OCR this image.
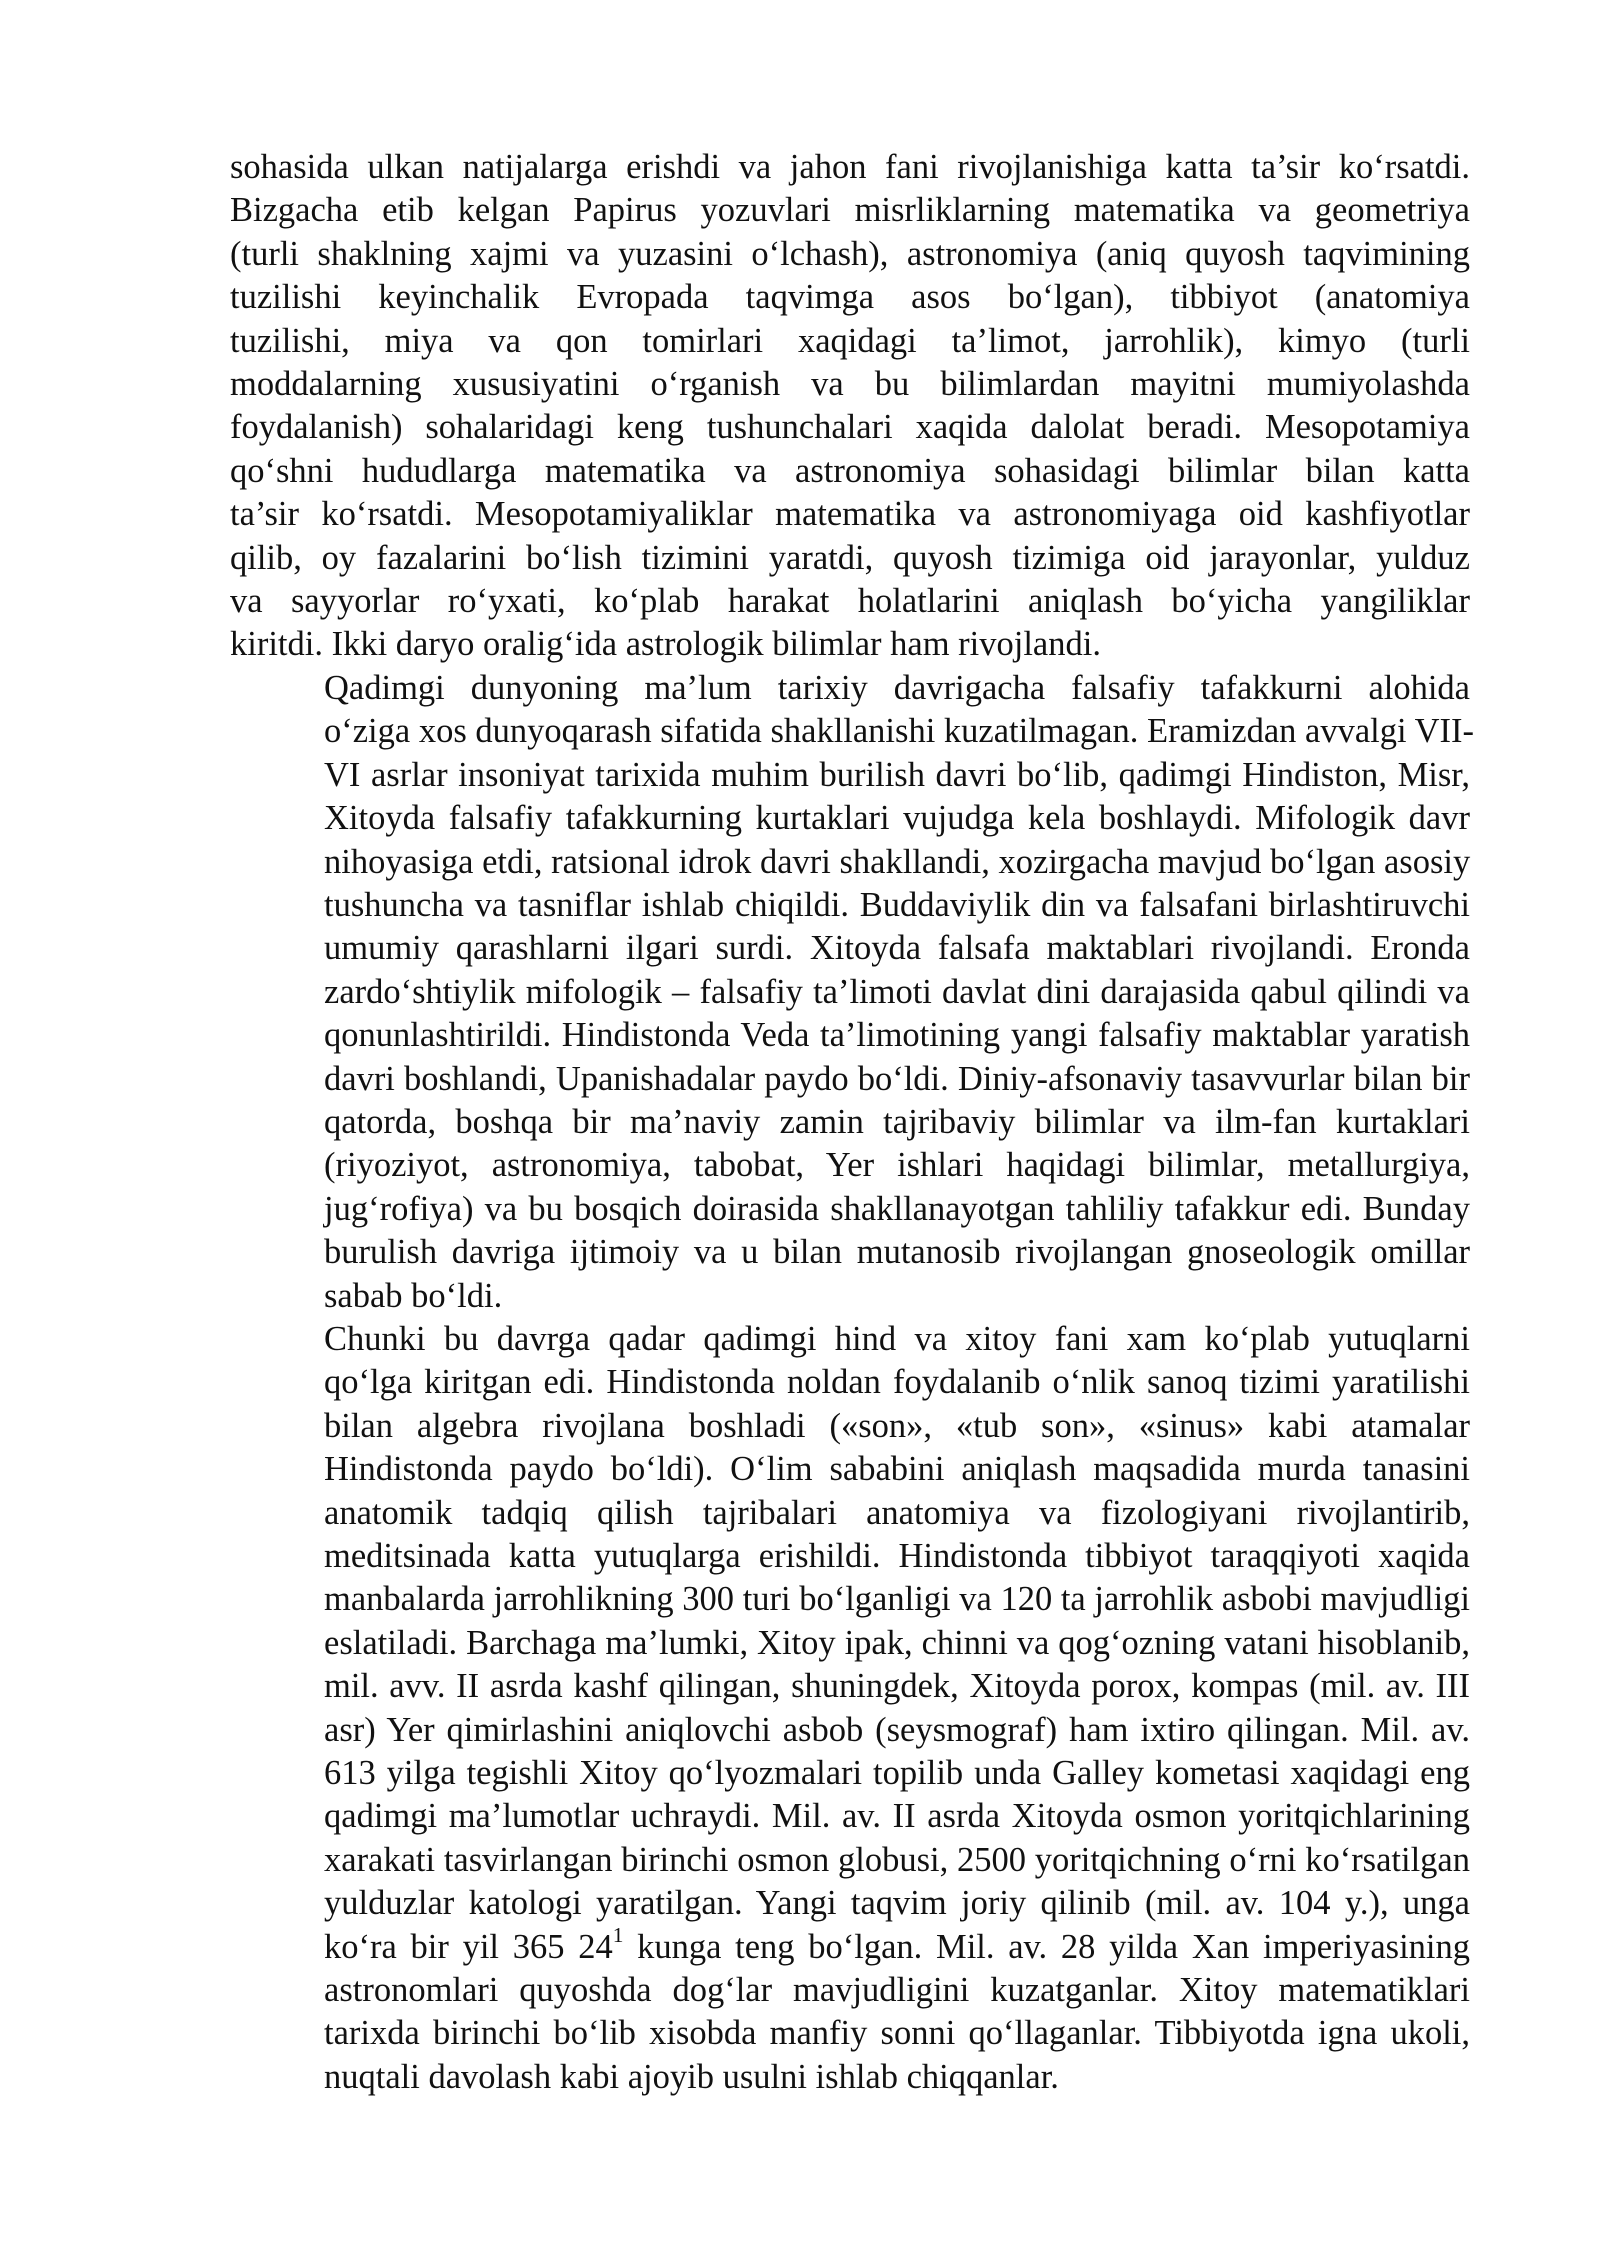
sohasida ulkan natijalarga erishdi va jahon fani rivojlanishiga katta ta’sir ko‘rsatdi.
Bizgacha etib kelgan Papirus yozuvlari misrliklarning matematika va geometriya
(turli shaklning xajmi va yuzasini o‘lchash), astronomiya (aniq quyosh taqvimining
tuzilishi keyinchalik Evropada taqvimga asos bo‘lgan), tibbiyot (anatomiya
tuzilishi, miya va qon tomirlari xaqidagi ta’limot, jarrohlik), kimyo (turli
moddalarning xususiyatini o‘rganish va bu bilimlardan mayitni mumiyolashda
foydalanish) sohalaridagi keng tushunchalari xaqida dalolat beradi. Mesopotamiya
qo‘shni hududlarga matematika va astronomiya sohasidagi bilimlar bilan katta
ta’sir ko‘rsatdi. Mesopotamiyaliklar matematika va astronomiyaga oid kashfiyotlar
qilib, oy fazalarini bo‘lish tizimini yaratdi, quyosh tizimiga oid jarayonlar, yulduz
va sayyorlar ro‘yxati, ko‘plab harakat holatlarini aniqlash bo‘yicha yangiliklar
kiritdi. Ikki daryo oralig‘ida astrologik bilimlar ham rivojlandi.
Qadimgi dunyoning ma’lum tarixiy davrigacha falsafiy tafakkurni alohida
o‘ziga xos dunyoqarash sifatida shakllanishi kuzatilmagan. Eramizdan avvalgi VII-
VI asrlar insoniyat tarixida muhim burilish davri bo‘lib, qadimgi Hindiston, Misr,
Xitoyda falsafiy tafakkurning kurtaklari vujudga kela boshlaydi. Mifologik davr
nihoyasiga etdi, ratsional idrok davri shakllandi, xozirgacha mavjud bo‘lgan asosiy
tushuncha va tasniflar ishlab chiqildi. Buddaviylik din va falsafani birlashtiruvchi
umumiy qarashlarni ilgari surdi. Xitoyda falsafa maktablari rivojlandi. Eronda
zardo‘shtiylik mifologik – falsafiy ta’limoti davlat dini darajasida qabul qilindi va
qonunlashtirildi. Hindistonda Veda ta’limotining yangi falsafiy maktablar yaratish
davri boshlandi, Upanishadalar paydo bo‘ldi. Diniy-afsonaviy tasavvurlar bilan bir
qatorda, boshqa bir ma’naviy zamin tajribaviy bilimlar va ilm-fan kurtaklari
(riyoziyot, astronomiya, tabobat, Yer ishlari haqidagi bilimlar, metallurgiya,
jug‘rofiya) va bu bosqich doirasida shakllanayotgan tahliliy tafakkur edi. Bunday
burulish davriga ijtimoiy va u bilan mutanosib rivojlangan gnoseologik omillar
sabab bo‘ldi.
Chunki bu davrga qadar qadimgi hind va xitoy fani xam ko‘plab yutuqlarni
qo‘lga kiritgan edi. Hindistonda noldan foydalanib o‘nlik sanoq tizimi yaratilishi
bilan algebra rivojlana boshladi («son», «tub son», «sinus» kabi atamalar
Hindistonda paydo bo‘ldi). O‘lim sababini aniqlash maqsadida murda tanasini
anatomik tadqiq qilish tajribalari anatomiya va fizologiyani rivojlantirib,
meditsinada katta yutuqlarga erishildi. Hindistonda tibbiyot taraqqiyoti xaqida
manbalarda jarrohlikning 300 turi bo‘lganligi va 120 ta jarrohlik asbobi mavjudligi
eslatiladi. Barchaga ma’lumki, Xitoy ipak, chinni va qog‘ozning vatani hisoblanib,
mil. avv. II asrda kashf qilingan, shuningdek, Xitoyda porox, kompas (mil. av. III
asr) Yer qimirlashini aniqlovchi asbob (seysmograf) ham ixtiro qilingan. Mil. av.
613 yilga tegishli Xitoy qo‘lyozmalari topilib unda Galley kometasi xaqidagi eng
qadimgi ma’lumotlar uchraydi. Mil. av. II asrda Xitoyda osmon yoritqichlarining
xarakati tasvirlangan birinchi osmon globusi, 2500 yoritqichning o‘rni ko‘rsatilgan
yulduzlar katologi yaratilgan. Yangi taqvim joriy qilinib (mil. av. 104 y.), unga
ko‘ra bir yil 365 $24^1$ kunga teng bo‘lgan. Mil. av. 28 yilda Xan imperiyasining
astronomlari quyoshda dog‘lar mavjudligini kuzatganlar. Xitoy matematiklari
tarixda birinchi bo‘lib xisobda manfiy sonni qo‘llaganlar. Tibbiyotda igna ukoli,
nuqtali davolash kabi ajoyib usulni ishlab chiqqanlar.
